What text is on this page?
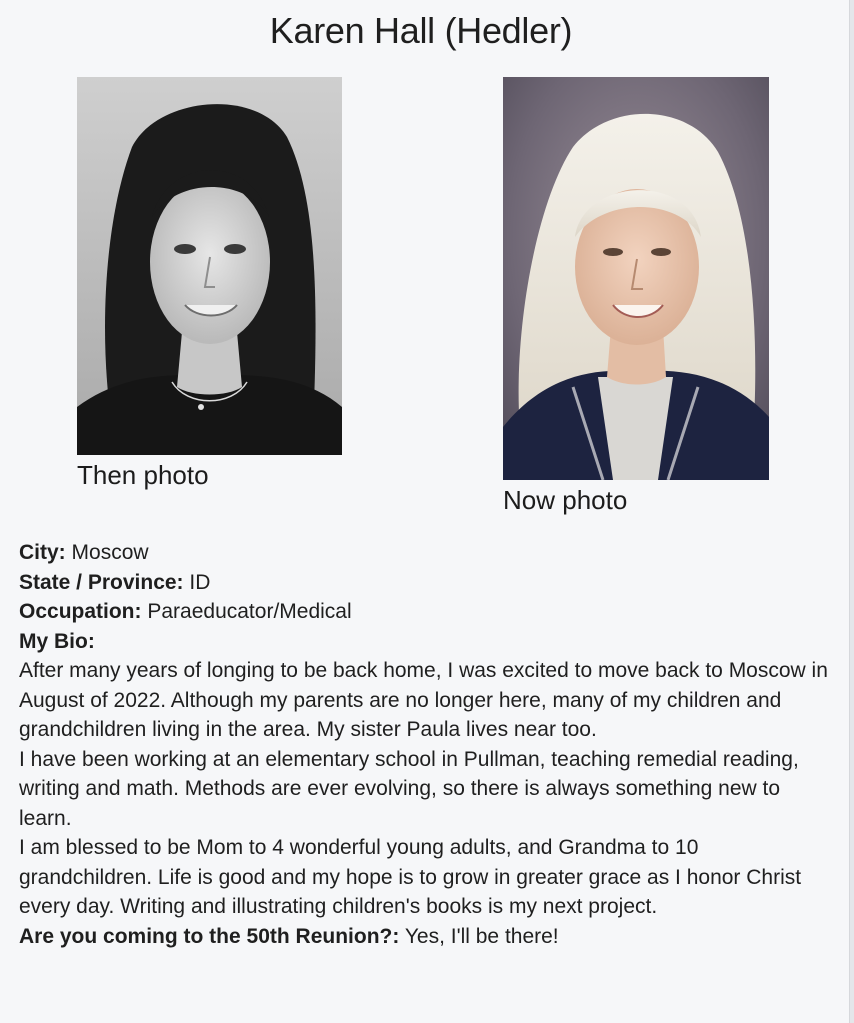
Karen Hall (Hedler)
Then photo
Now photo
City: Moscow
State / Province: ID
Occupation: Paraeducator/Medical
My Bio:
After many years of longing to be back home, I was excited to move back to Moscow in August of 2022. Although my parents are no longer here, many of my children and grandchildren living in the area. My sister Paula lives near too.
I have been working at an elementary school in Pullman, teaching remedial reading, writing and math. Methods are ever evolving, so there is always something new to learn.
I am blessed to be Mom to 4 wonderful young adults, and Grandma to 10 grandchildren. Life is good and my hope is to grow in greater grace as I honor Christ every day. Writing and illustrating children's books is my next project.
Are you coming to the 50th Reunion?: Yes, I'll be there!
